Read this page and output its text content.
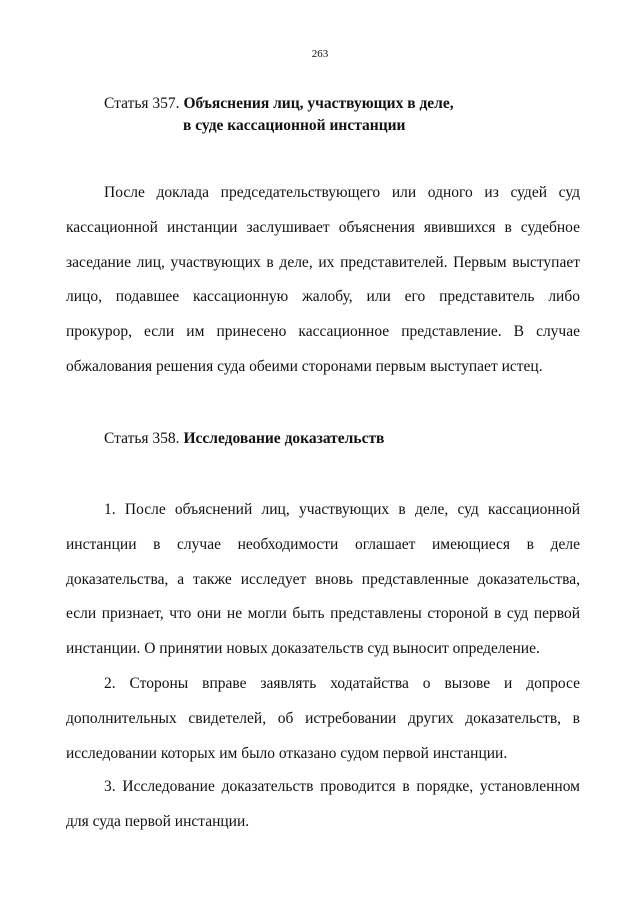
263
Статья 357. Объяснения лиц, участвующих в деле,
в суде кассационной инстанции

После доклада председательствующего или одного из судей суд кассационной инстанции заслушивает объяснения явившихся в судебное заседание лиц, участвующих в деле, их представителей. Первым выступает лицо, подавшее кассационную жалобу, или его представитель либо прокурор, если им принесено кассационное представление. В случае обжалования решения суда обеими сторонами первым выступает истец.

Статья 358. Исследование доказательств

1. После объяснений лиц, участвующих в деле, суд кассационной инстанции в случае необходимости оглашает имеющиеся в деле доказательства, а также исследует вновь представленные доказательства, если признает, что они не могли быть представлены стороной в суд первой инстанции. О принятии новых доказательств суд выносит определение.

2. Стороны вправе заявлять ходатайства о вызове и допросе дополнительных свидетелей, об истребовании других доказательств, в исследовании которых им было отказано судом первой инстанции.

3. Исследование доказательств проводится в порядке, установленном для суда первой инстанции.
